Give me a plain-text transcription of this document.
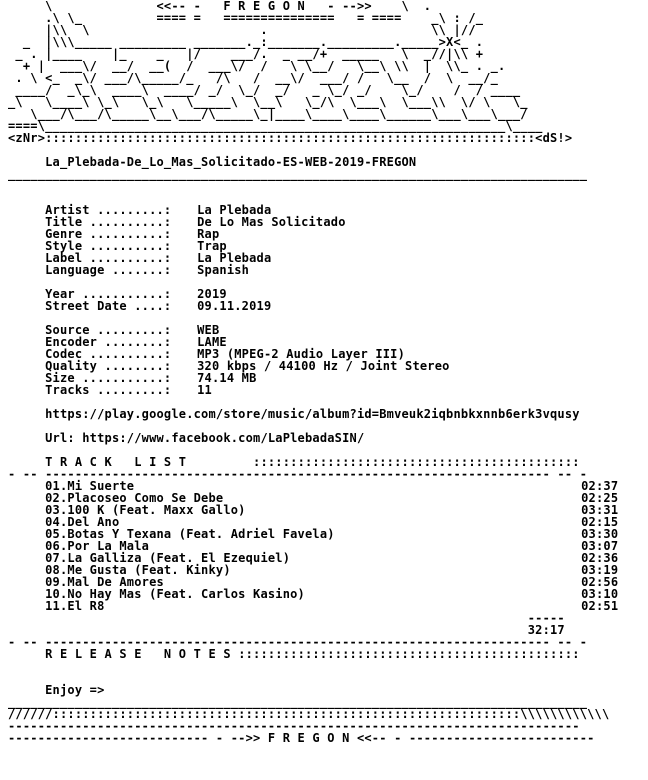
\              <<-- -   F R E G O N   - -->>    \  .
.\ \_          ==== =   ===============   = ====    _\ : /_
|\\  \                       .                      \\ |//
_  |\\\_____ _________ _______._:_______._________._____>X<_ .
_ . |____    |_    _   |/    ___/.  _ __/+  _____   \  _//|\\ +
+ |  ___\/  __/  __(  /  ___\/  /   \ \__/   \__\ \\  |  \\_ . _.
. \ <_  _\/ ___/\_____/_   /\   /  __\/  ___/ /   \__  /  \  __/_
____/  _\_\  ____\  ____/ _/  \_/  _/   _ \_/ _/    \_/    /  / ____
_\   \____\ \_\   \_\   \_____\  \__\   \_/\  \___\  \___\\  \/ \   \_
\___/\___/\_____\__\___/\_____\_|____\____\____\______\___\___\___/
====\______________________________________________________________\____
<zNr>::::::::::::::::::::::::::::::::::::::::::::::::::::::::::::::::::<dS!>
La_Plebada-De_Lo_Mas_Solicitado-ES-WEB-2019-FREGON
______________________________________________________________________________
Artist .........: La Plebada
Title ..........: De Lo Mas Solicitado
Genre ..........: Rap
Style ..........: Trap
Label ..........: La Plebada
Language .......: Spanish
Year ...........: 2019
Street Date ....: 09.11.2019
Source .........: WEB
Encoder ........: LAME
Codec ..........: MP3 (MPEG-2 Audio Layer III)
Quality ........: 320 kbps / 44100 Hz / Joint Stereo
Size ...........: 74.14 MB
Tracks .........: 11
https://play.google.com/store/music/album?id=Bmveuk2iqbnbkxnnb6erk3vqusy
Url: https://www.facebook.com/LaPlebadaSIN/
T R A C K   L I S T	::::::::::::::::::::::::::::::::::::::::::::
- -- -------------------------------------------------------------------- -- -
01.Mi Suerte	02:37
02.Placoseo Como Se Debe	02:25
03.100 K (Feat. Maxx Gallo)	03:31
04.Del Ano	02:15
05.Botas Y Texana (Feat. Adriel Favela)	03:30
06.Por La Mala	03:07
07.La Galliza (Feat. El Ezequiel)	02:36
08.Me Gusta (Feat. Kinky)	03:19
09.Mal De Amores	02:56
10.No Hay Mas (Feat. Carlos Kasino)	03:10
11.El R8	02:51
-----
32:17
- -- -------------------------------------------------------------------- -- -
R E L E A S E   N O T E S ::::::::::::::::::::::::::::::::::::::::::::::
Enjoy =>
______________________________________________________________________________
//////:::::::::::::::::::::::::::::::::::::::::::::::::::::::::::::::\\\\\\\\\\\\
-----------------------------------------------------------------------------
--------------------------- - -->> F R E G O N <<-- - -------------------------
